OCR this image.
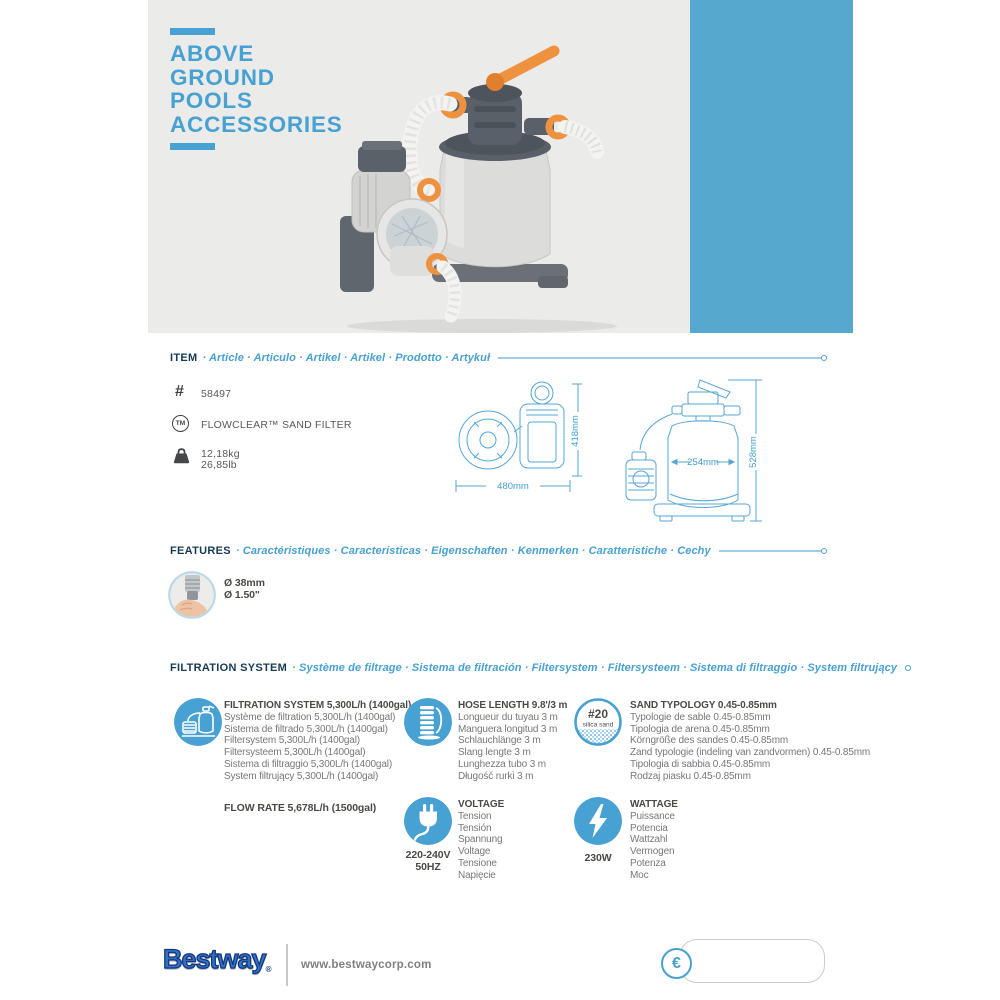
ABOVE
GROUND
POOLS
ACCESSORIES
ITEM · Article · Articulo · Artikel · Artikel · Prodotto · Artykuł
# 58497
TM	FLOWCLEAR™ SAND FILTER
12,18kg
26,85lb
480mm
418mm
254mm	528mm
FEATURES · Caractéristiques · Caracteristicas · Eigenschaften · Kenmerken · Caratteristiche · Cechy
Ø 38mm
Ø 1.50"
FILTRATION SYSTEM · Système de filtrage · Sistema de filtración · Filtersystem · Filtersysteem · Sistema di filtraggio · System filtrujący
FILTRATION SYSTEM 5,300L/h (1400gal)
Système de filtration 5,300L/h (1400gal)
Sistema de filtrado 5,300L/h (1400gal)
Filtersystem 5,300L/h (1400gal)
Filtersysteem 5,300L/h (1400gal)
Sistema di filtraggio 5,300L/h (1400gal)
System filtrujący 5,300L/h (1400gal)
HOSE LENGTH 9.8'/3 m
Longueur du tuyau 3 m
Manguera longitud 3 m
Schlauchlänge 3 m
Slang lengte 3 m
Lunghezza tubo 3 m
Długość rurki 3 m
#20
silica sand
SAND TYPOLOGY 0.45-0.85mm
Typologie de sable 0.45-0.85mm
Tipologia de arena 0.45-0.85mm
Körngröße des sandes 0.45-0.85mm
Zand typologie (indeling van zandvormen) 0.45-0.85mm
Tipologia di sabbia 0.45-0.85mm
Rodzaj piasku 0.45-0.85mm
FLOW RATE 5,678L/h (1500gal)
220-240V
50HZ
VOLTAGE
Tension
Tensión
Spannung
Voltage
Tensione
Napięcie
230W
WATTAGE
Puissance
Potencia
Wattzahl
Vermogen
Potenza
Moc
Bestway$_®$	www.bestwaycorp.com	€
